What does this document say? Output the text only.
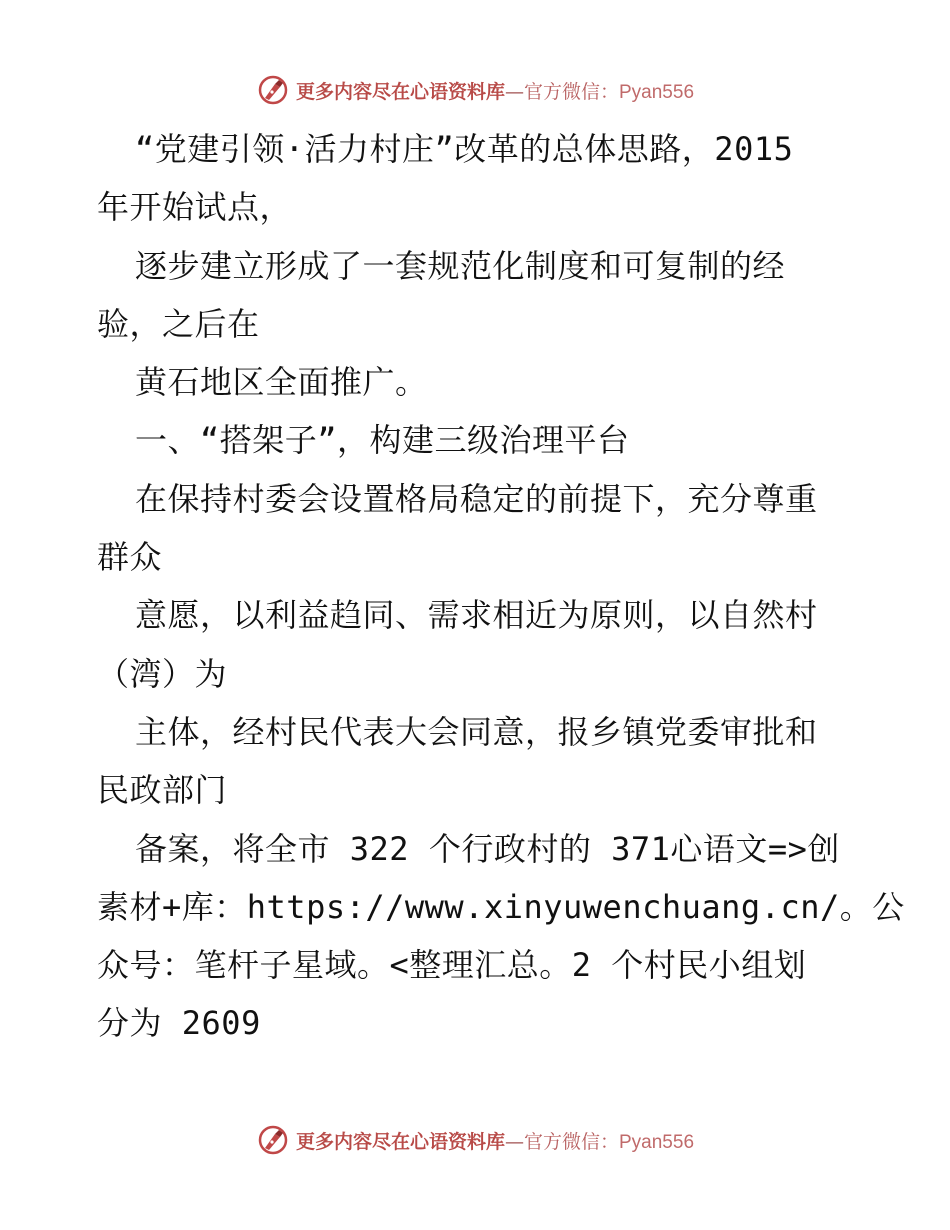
更多内容尽在心语资料库—官方微信：Pyan556
“党建引领·活力村庄”改革的总体思路，2015
年开始试点，
逐步建立形成了一套规范化制度和可复制的经
验，之后在
黄石地区全面推广。
一、“搭架子”，构建三级治理平台
在保持村委会设置格局稳定的前提下，充分尊重
群众
意愿，以利益趋同、需求相近为原则，以自然村
（湾）为
主体，经村民代表大会同意，报乡镇党委审批和
民政部门
备案，将全市 322 个行政村的 371心语文=>创
素材+库：https://www.xinyuwenchuang.cn/。公
众号：笔杆子星域。<整理汇总。2 个村民小组划
分为 2609
更多内容尽在心语资料库—官方微信：Pyan556
